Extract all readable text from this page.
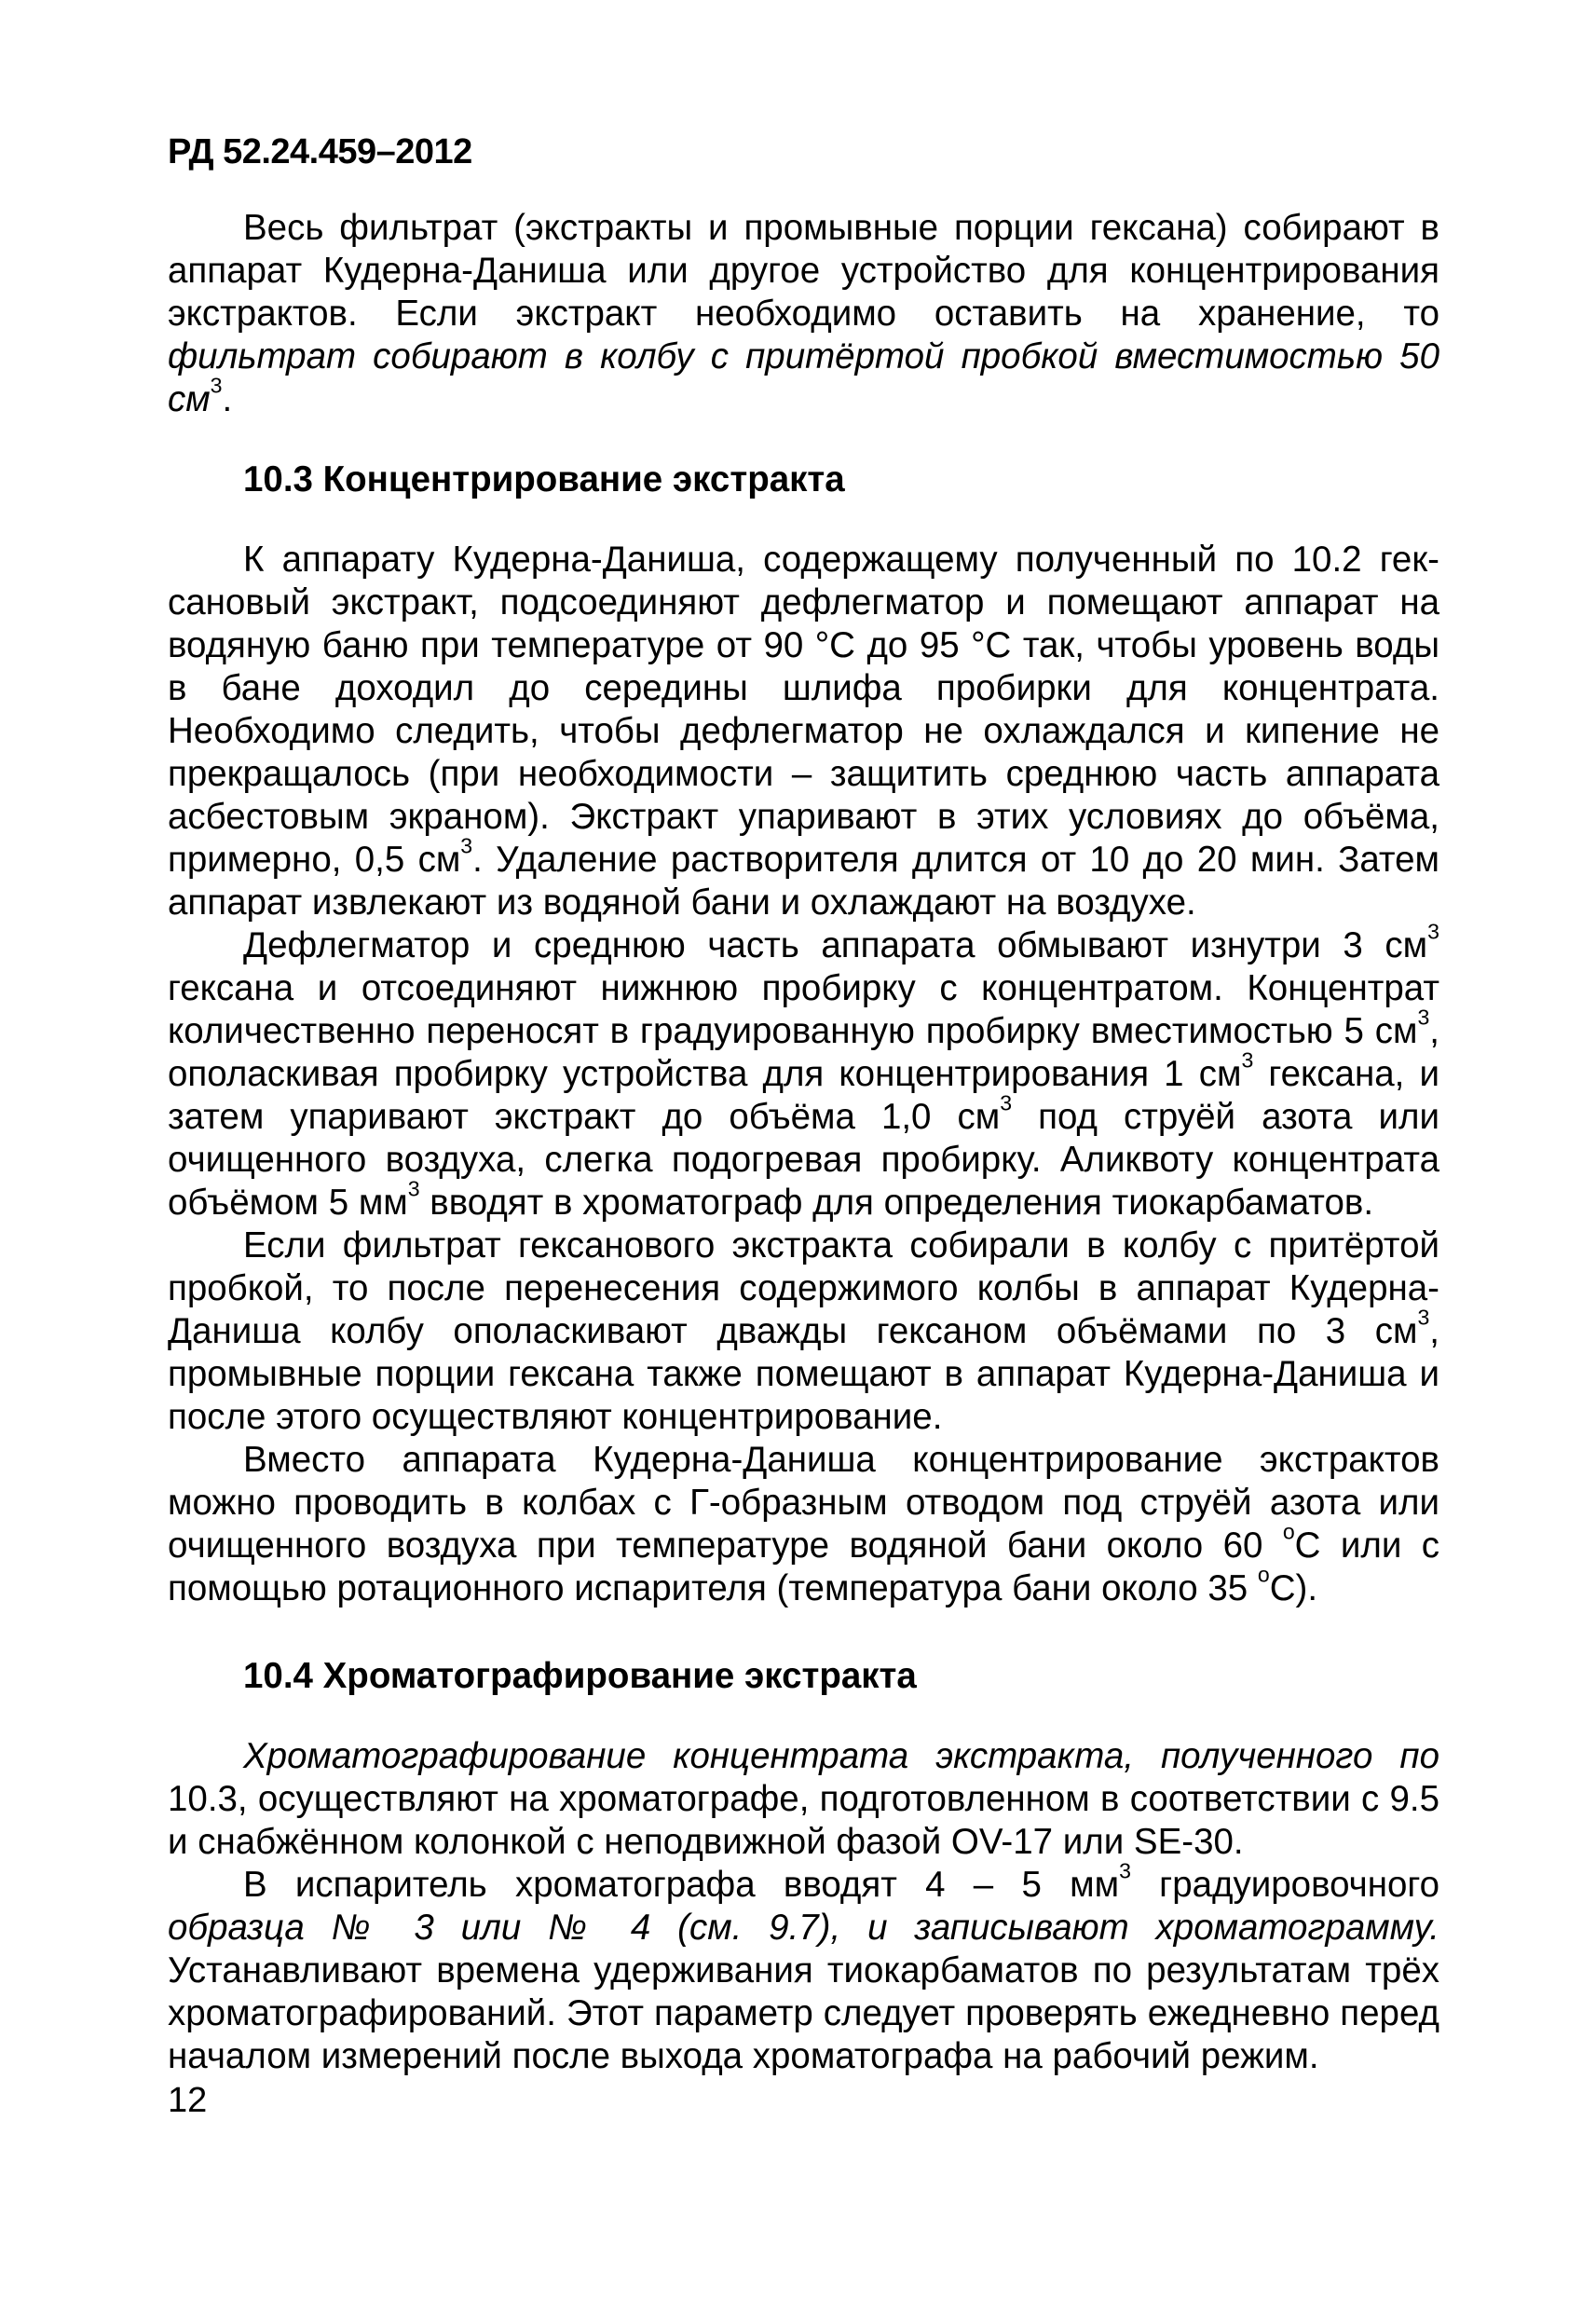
РД 52.24.459–2012

Весь фильтрат (экстракты и промывные порции гексана) собирают в аппарат Кудерна-Даниша или другое устройство для концентрирования экстрактов. Если экстракт необходимо оставить на хранение, то фильтрат собирают в колбу с притёртой пробкой вместимостью 50 $см^3$.

10.3 Концентрирование экстракта

К аппарату Кудерна-Даниша, содержащему полученный по 10.2 гексановый экстракт, подсоединяют дефлегматор и помещают аппарат на водяную баню при температуре от 90 °С до 95 °С так, чтобы уровень воды в бане доходил до середины шлифа пробирки для концентрата. Необходимо следить, чтобы дефлегматор не охлаждался и кипение не прекращалось (при необходимости – защитить среднюю часть аппарата асбестовым экраном). Экстракт упаривают в этих условиях до объёма, примерно, 0,5 $см^3$. Удаление растворителя длится от 10 до 20 мин. Затем аппарат извлекают из водяной бани и охлаждают на воздухе.

Дефлегматор и среднюю часть аппарата обмывают изнутри 3 $см^3$ гексана и отсоединяют нижнюю пробирку с концентратом. Концентрат количественно переносят в градуированную пробирку вместимостью 5 $см^3$, ополаскивая пробирку устройства для концентрирования 1 $см^3$ гексана, и затем упаривают экстракт до объёма 1,0 $см^3$ под струёй азота или очищенного воздуха, слегка подогревая пробирку. Аликвоту концентрата объёмом 5 $мм^3$ вводят в хроматограф для определения тиокарбаматов.

Если фильтрат гексанового экстракта собирали в колбу с притёртой пробкой, то после перенесения содержимого колбы в аппарат Кудерна-Даниша колбу ополаскивают дважды гексаном объёмами по 3 $см^3$, промывные порции гексана также помещают в аппарат Кудерна-Даниша и после этого осуществляют концентрирование.

Вместо аппарата Кудерна-Даниша концентрирование экстрактов можно проводить в колбах с Г-образным отводом под струёй азота или очищенного воздуха при температуре водяной бани около 60 $^о$С или с помощью ротационного испарителя (температура бани около 35 $^о$С).

10.4 Хроматографирование экстракта

Хроматографирование концентрата экстракта, полученного по 10.3, осуществляют на хроматографе, подготовленном в соответствии с 9.5 и снабжённом колонкой с неподвижной фазой OV-17 или SE-30.

В испаритель хроматографа вводят 4 – 5 $мм^3$ градуировочного образца № 3 или № 4 (см. 9.7), и записывают хроматограмму. Устанавливают времена удерживания тиокарбаматов по результатам трёх хроматографирований. Этот параметр следует проверять ежедневно перед началом измерений после выхода хроматографа на рабочий режим.

12
